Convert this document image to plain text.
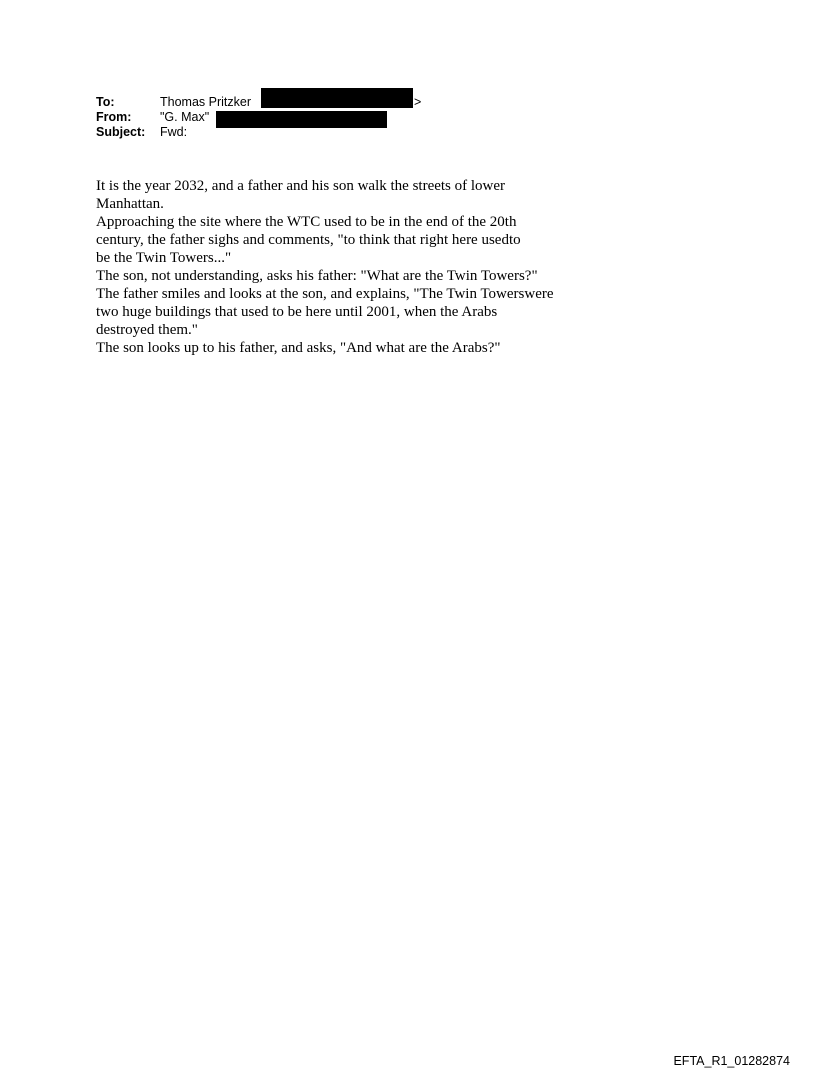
To:	Thomas Pritzker	>
From: "G. Max"
Subject: Fwd:
It is the year 2032, and a father and his son walk the streets of lower
Manhattan.
Approaching the site where the WTC used to be in the end of the 20th
century, the father sighs and comments, "to think that right here usedto
be the Twin Towers..."
The son, not understanding, asks his father: "What are the Twin Towers?"
The father smiles and looks at the son, and explains, "The Twin Towerswere
two huge buildings that used to be here until 2001, when the Arabs
destroyed them."
The son looks up to his father, and asks, "And what are the Arabs?"
EFTA_R1_01282874
